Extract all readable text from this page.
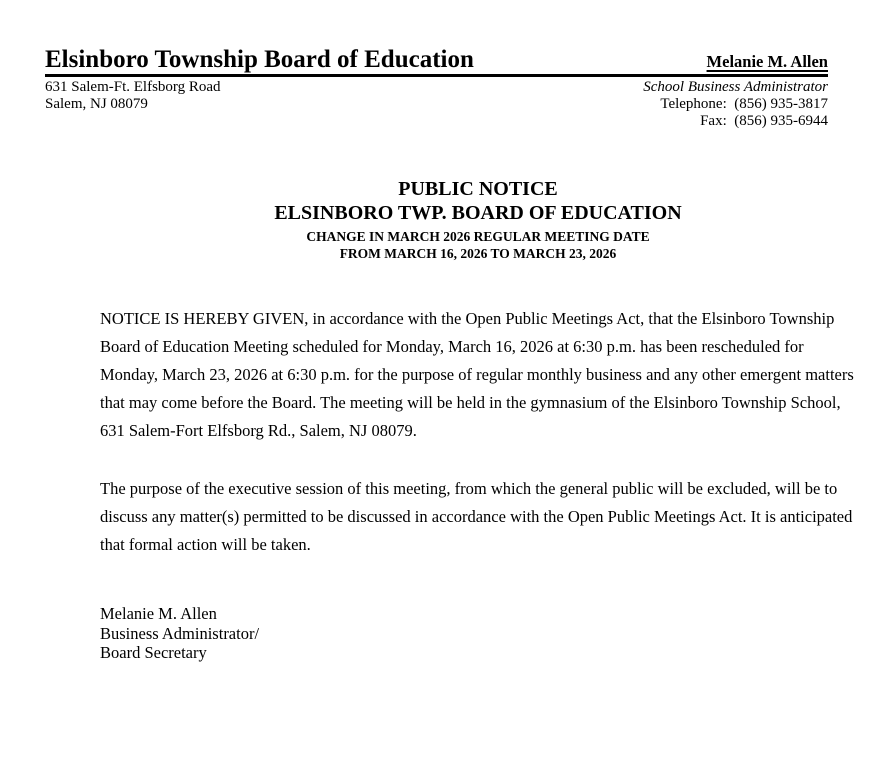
Elsinboro Township Board of Education	Melanie M. Allen
631 Salem-Ft. Elfsborg Road
Salem, NJ 08079
School Business Administrator
Telephone:  (856) 935-3817
Fax:  (856) 935-6944
PUBLIC NOTICE
ELSINBORO TWP. BOARD OF EDUCATION
CHANGE IN MARCH 2026 REGULAR MEETING DATE
FROM MARCH 16, 2026 TO MARCH 23, 2026
NOTICE IS HEREBY GIVEN, in accordance with the Open Public Meetings Act, that the Elsinboro Township
Board of Education Meeting scheduled for Monday, March 16, 2026 at 6:30 p.m. has been rescheduled for
Monday, March 23, 2026 at 6:30 p.m. for the purpose of regular monthly business and any other emergent matters
that may come before the Board. The meeting will be held in the gymnasium of the Elsinboro Township School,
631 Salem-Fort Elfsborg Rd., Salem, NJ 08079.
The purpose of the executive session of this meeting, from which the general public will be excluded, will be to
discuss any matter(s) permitted to be discussed in accordance with the Open Public Meetings Act. It is anticipated
that formal action will be taken.
Melanie M. Allen
Business Administrator/
Board Secretary
